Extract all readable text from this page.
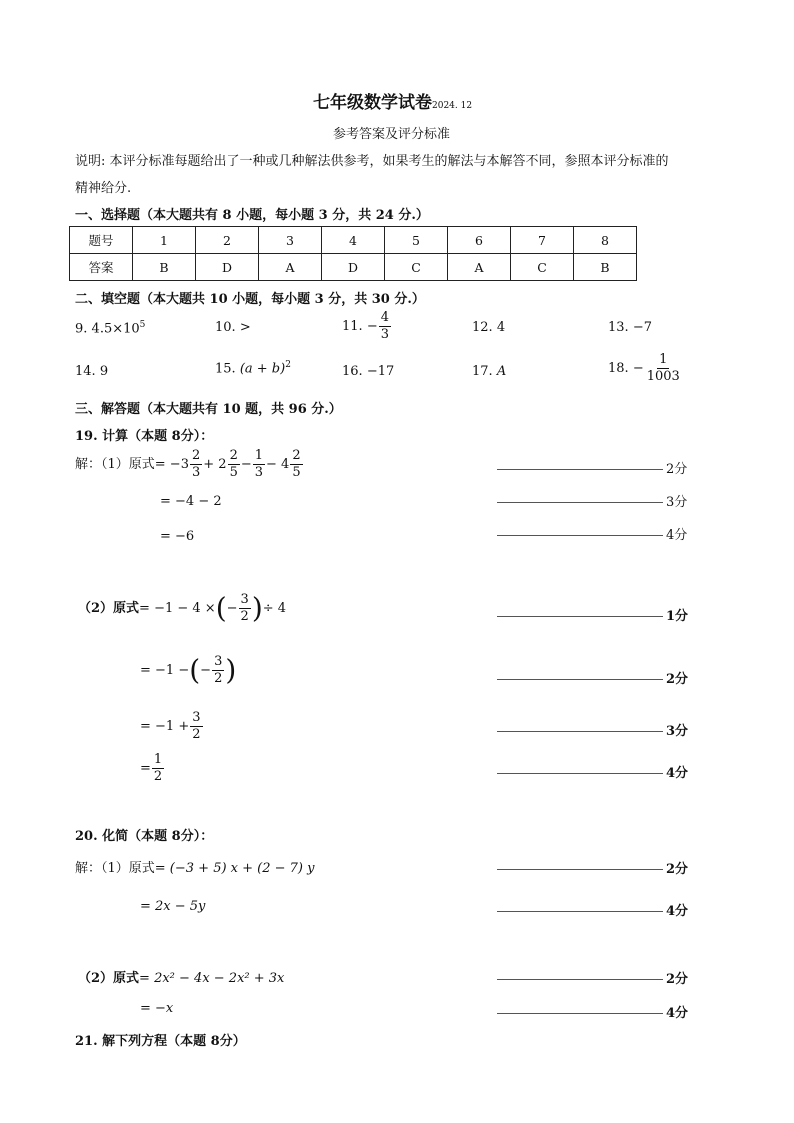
七年级数学试卷2024. 12
参考答案及评分标准
说明: 本评分标准每题给出了一种或几种解法供参考，如果考生的解法与本解答不同，参照本评分标准的
精神给分.
一、选择题（本大题共有 8 小题，每小题 3 分，共 24 分.）
题号	1	2	3	4	5	6	7	8
答案	B	D	A	D	C	A	C	B
二、填空题（本大题共 10 小题，每小题 3 分，共 30 分.）
9. $4.5\times 10^5$	10. >	11. − $\frac{4}{3}$	12. 4	13. −7
14. 9	15. $(a + b)^2$	16. −17	17. A	18. − $\frac{1}{1003}$
三、解答题（本大题共有 10 题，共 96 分.）
19. 计算（本题 8分）：
解：（1）原式= $-3 \frac{2}{3} + 2 \frac{2}{5} - \frac{1}{3} - 4 \frac{2}{5}$	2分
= −4 − 2	3分
= −6	4分
（2）原式= −1 − 4 ×(− $\frac{3}{2}$ )÷ 4
1分
= −1 −(− $\frac{3}{2}$ )	2分
= $-1 + \frac{3}{2}$	3分
= $\frac{1}{2}$	4分
20. 化简（本题 8分）：
解：（1）原式= (−3 + 5) x + (2 − 7) y	2分
= 2x − 5y	4分
（2）原式= 2x² − 4x − 2x² + 3x	2分
= −x	4分
21. 解下列方程（本题 8分）
